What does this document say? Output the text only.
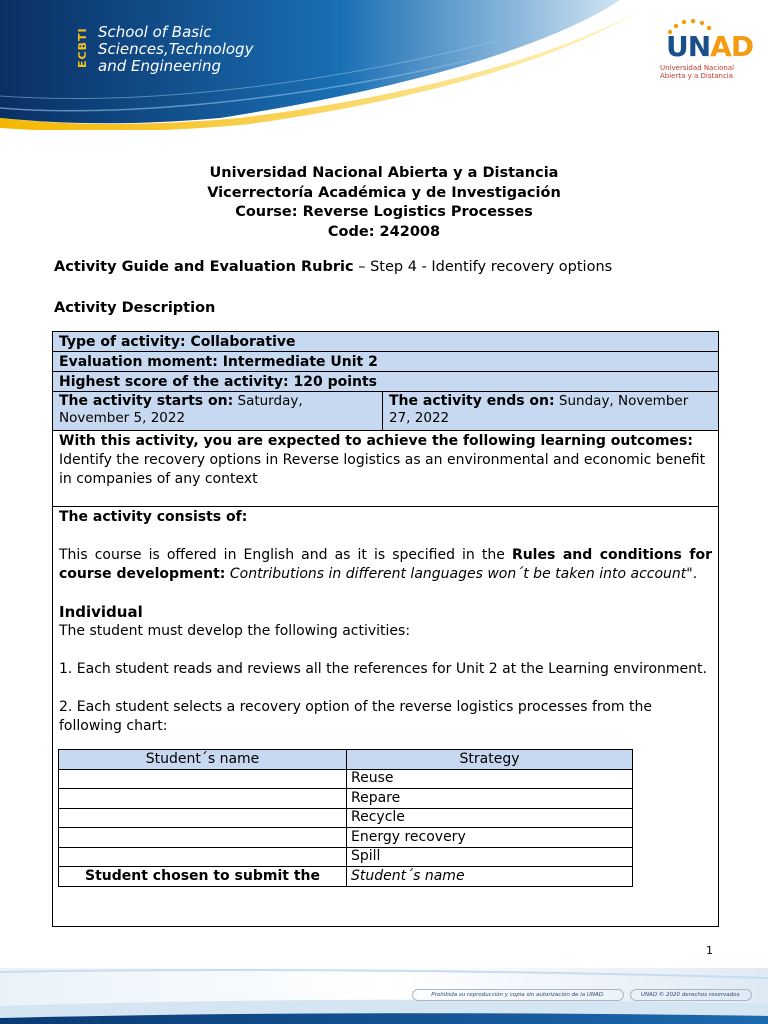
ECBTI School of Basic
Sciences,Technology
and Engineering
UNAD
Universidad Nacional
Abierta y a Distancia
Universidad Nacional Abierta y a Distancia
Vicerrectoría Académica y de Investigación
Course: Reverse Logistics Processes
Code: 242008
Activity Guide and Evaluation Rubric – Step 4 - Identify recovery options
Activity Description
Type of activity: Collaborative
Evaluation moment: Intermediate Unit 2
Highest score of the activity: 120 points
The activity starts on: Saturday, November 5, 2022
The activity ends on: Sunday, November 27, 2022
With this activity, you are expected to achieve the following learning outcomes:
Identify the recovery options in Reverse logistics as an environmental and economic benefit in companies of any context
The activity consists of:
This course is offered in English and as it is specified in the Rules and conditions for course development: Contributions in different languages won´t be taken into account".
Individual
The student must develop the following activities:
1. Each student reads and reviews all the references for Unit 2 at the Learning environment.
2. Each student selects a recovery option of the reverse logistics processes from the following chart:
Student´s name	Strategy
	Reuse
	Repare
	Recycle
	Energy recovery
	Spill
Student chosen to submit the	Student´s name
1
Prohibida su reproducción y copia sin autorización de la UNAD.	UNAD © 2020 derechos reservados.
